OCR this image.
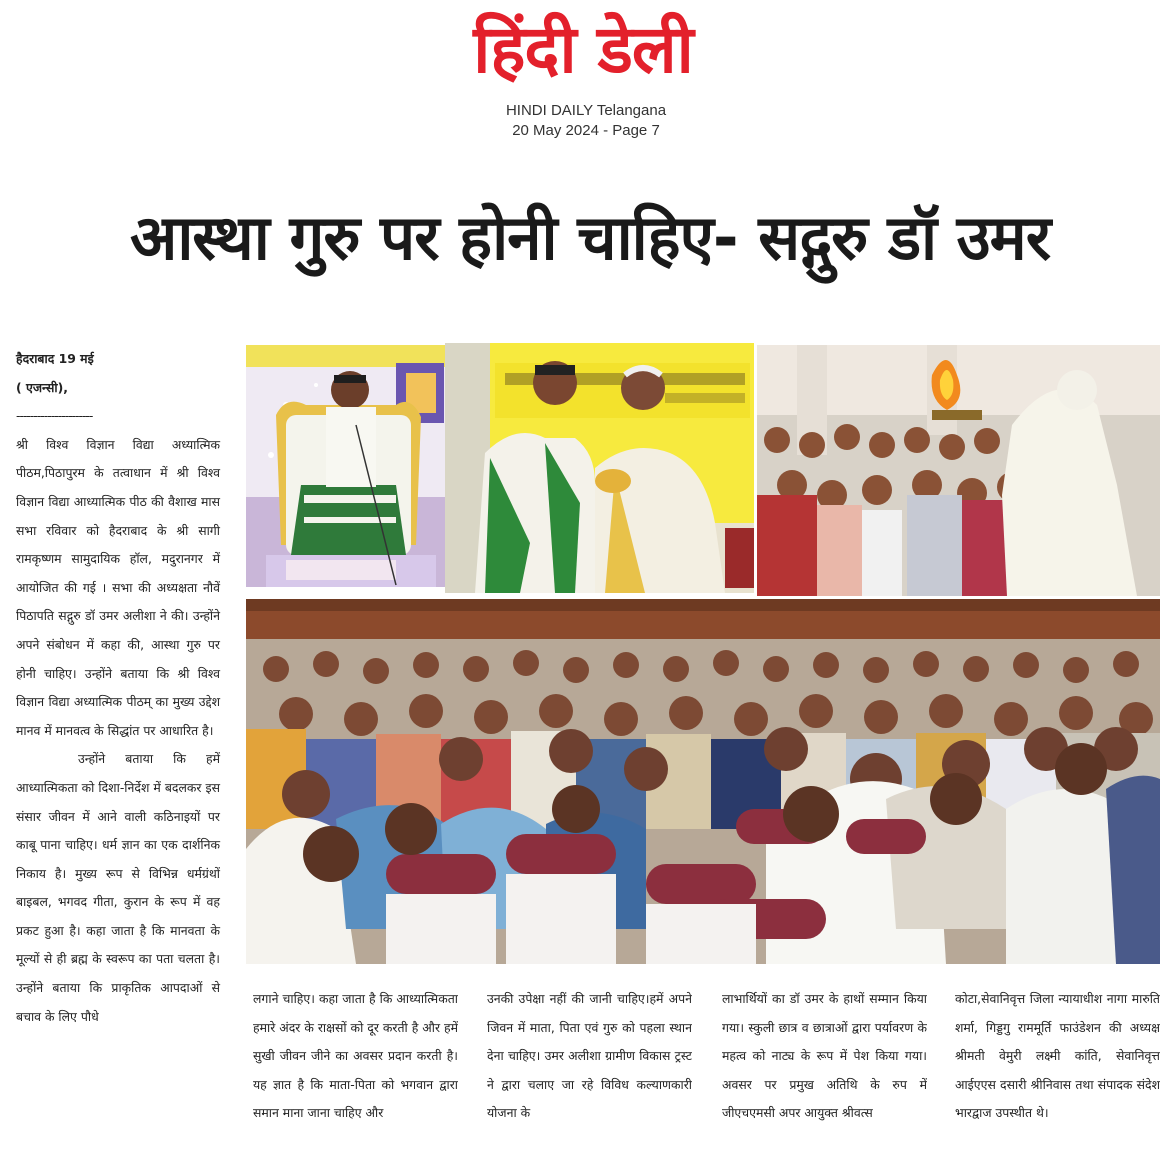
हिंदी डेली
HINDI DAILY Telangana
20 May 2024 - Page 7
आस्था गुरु पर होनी चाहिए- सद्गुरु डॉ उमर

हैदराबाद 19 मई

( एजन्सी),

----------------------

श्री विश्व विज्ञान विद्या अध्यात्मिक पीठम,पिठापुरम के तत्वाधान में श्री विश्व विज्ञान विद्या आध्यात्मिक पीठ की वैशाख मास सभा रविवार को हैदराबाद के श्री सागी रामकृष्णम सामुदायिक हॉल, मदुरानगर में आयोजित की गई । सभा की अध्यक्षता नौवें पिठापति सद्गुरु डॉ उमर अलीशा ने की। उन्होंने अपने संबोधन में कहा की, आस्था गुरु पर होनी चाहिए। उन्होंने बताया कि श्री विश्व विज्ञान विद्या अध्यात्मिक पीठम् का मुख्य उद्देश मानव में मानवत्व के सिद्धांत पर आधारित है।

उन्होंने बताया कि हमें आध्यात्मिकता को दिशा-निर्देश में बदलकर इस संसार जीवन में आने वाली कठिनाइयों पर काबू पाना चाहिए। धर्म ज्ञान का एक दार्शनिक निकाय है। मुख्य रूप से विभिन्न धर्मग्रंथों बाइबल, भगवद गीता, कुरान के रूप में वह प्रकट हुआ है। कहा जाता है कि मानवता के मूल्यों से ही ब्रह्म के स्वरूप का पता चलता है। उन्होंने बताया कि प्राकृतिक आपदाओं से बचाव के लिए पौधे

लगाने चाहिए। कहा जाता है कि आध्यात्मिकता हमारे अंदर के राक्षसों को दूर करती है और हमें सुखी जीवन जीने का अवसर प्रदान करती है। यह ज्ञात है कि माता-पिता को भगवान द्वारा समान माना जाना चाहिए और
उनकी उपेक्षा नहीं की जानी चाहिए।हमें अपने जिवन में माता, पिता एवं गुरु को पहला स्थान देना चाहिए। उमर अलीशा ग्रामीण विकास ट्रस्ट ने द्वारा चलाए जा रहे विविध कल्याणकारी योजना के
लाभार्थियों का डॉ उमर के हाथों सम्मान किया गया। स्कुली छात्र व छात्राओं द्वारा पर्यावरण के महत्व को नाट्य के रूप में पेश किया गया। अवसर पर प्रमुख अतिथि के रुप में जीएचएमसी अपर आयुक्त श्रीवत्स
कोटा,सेवानिवृत्त जिला न्यायाधीश नागा मारुति शर्मा, गिड्डगु राममूर्ति फाउंडेशन की अध्यक्ष श्रीमती वेमुरी लक्ष्मी कांति, सेवानिवृत्त आईएएस दसारी श्रीनिवास तथा संपादक संदेश भारद्वाज उपस्थीत थे।
